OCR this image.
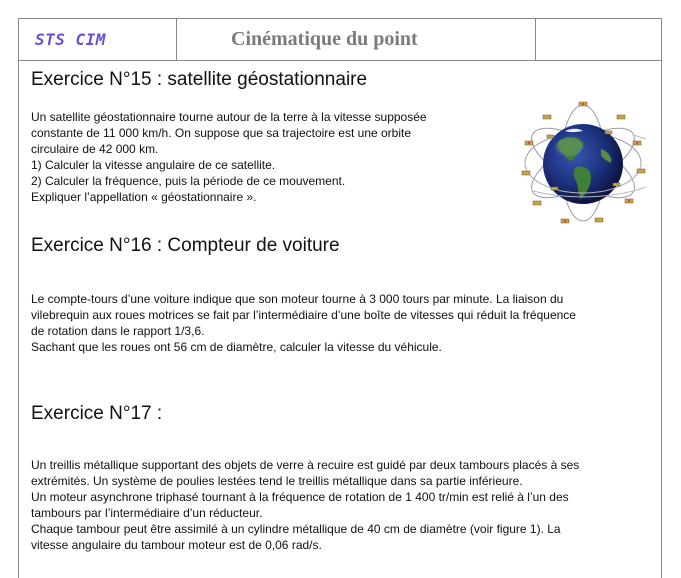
STS CIM	Cinématique du point
Exercice N°15 : satellite géostationnaire
Un satellite géostationnaire tourne autour de la terre à la vitesse supposée
constante de 11 000 km/h. On suppose que sa trajectoire est une orbite
circulaire de 42 000 km.
1) Calculer la vitesse angulaire de ce satellite.
2) Calculer la fréquence, puis la période de ce mouvement.
Expliquer l’appellation « géostationnaire ».
Exercice N°16 : Compteur de voiture
Le compte-tours d’une voiture indique que son moteur tourne à 3 000 tours par minute. La liaison du
vilebrequin aux roues motrices se fait par l’intermédiaire d’une boîte de vitesses qui réduit la fréquence
de rotation dans le rapport 1/3,6.
Sachant que les roues ont 56 cm de diamètre, calculer la vitesse du véhicule.
Exercice N°17 :
Un treillis métallique supportant des objets de verre à recuire est guidé par deux tambours placés à ses
extrémités. Un système de poulies lestées tend le treillis métallique dans sa partie inférieure.
Un moteur asynchrone triphasé tournant à la fréquence de rotation de 1 400 tr/min est relié à l’un des
tambours par l’intermédiaire d’un réducteur.
Chaque tambour peut être assimilé à un cylindre métallique de 40 cm de diamètre (voir figure 1). La
vitesse angulaire du tambour moteur est de 0,06 rad/s.
